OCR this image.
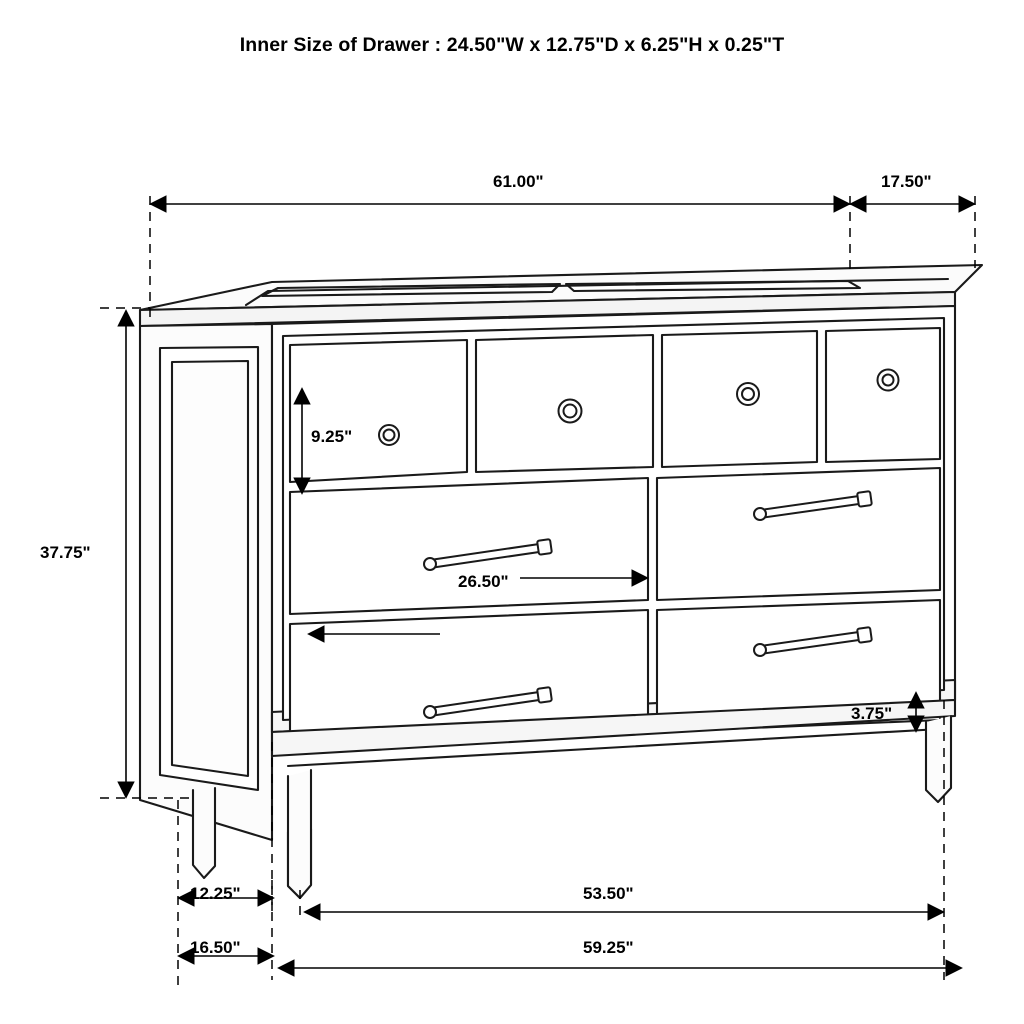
Inner Size of Drawer : 24.50"W x 12.75"D x 6.25"H x 0.25"T
61.00"	17.50"
37.75"
9.25"
26.50"
3.75"
12.25"
16.50"
53.50"
59.25"
